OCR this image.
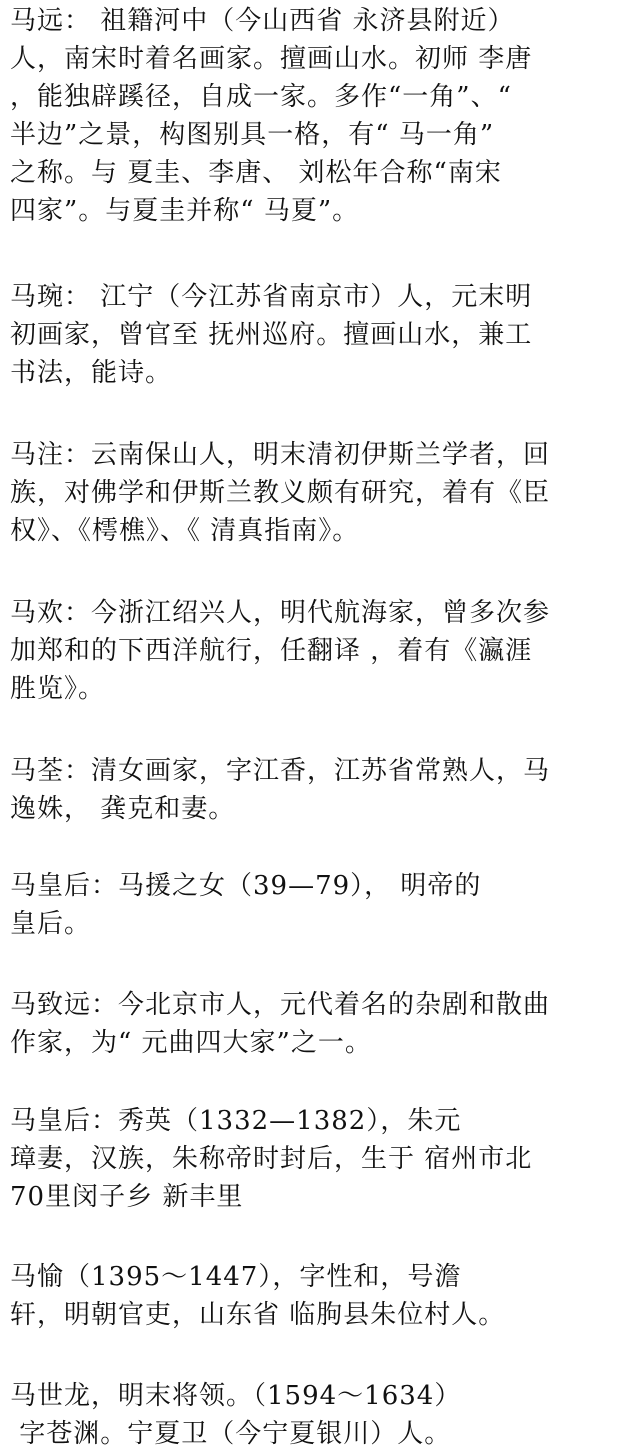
马远： 祖籍河中（今山西省 永济县附近）
人，南宋时着名画家。擅画山水。初师 李唐
，能独辟蹊径，自成一家。多作“一角”、“
半边”之景，构图别具一格，有“ 马一角”
之称。与 夏圭、李唐、 刘松年合称“南宋
四家”。与夏圭并称“ 马夏”。

马琬： 江宁（今江苏省南京市）人，元末明
初画家，曾官至 抚州巡府。擅画山水，兼工
书法，能诗。

马注：云南保山人，明末清初伊斯兰学者，回
族，对佛学和伊斯兰教义颇有研究，着有《臣
权》、《樗樵》、《 清真指南》。

马欢：今浙江绍兴人，明代航海家，曾多次参
加郑和的下西洋航行，任翻译 ，着有《瀛涯
胜览》。

马荃：清女画家，字江香，江苏省常熟人，马
逸姝， 龚克和妻。

马皇后：马援之女（39—79）， 明帝的
皇后。

马致远：今北京市人，元代着名的杂剧和散曲
作家，为“ 元曲四大家”之一。

马皇后：秀英（1332—1382），朱元
璋妻，汉族，朱称帝时封后，生于 宿州市北
70里闵子乡 新丰里

马愉（1395～1447），字性和，号澹
轩，明朝官吏，山东省 临朐县朱位村人。

马世龙，明末将领。（1594～1634）
字苍渊。宁夏卫（今宁夏银川）人。
